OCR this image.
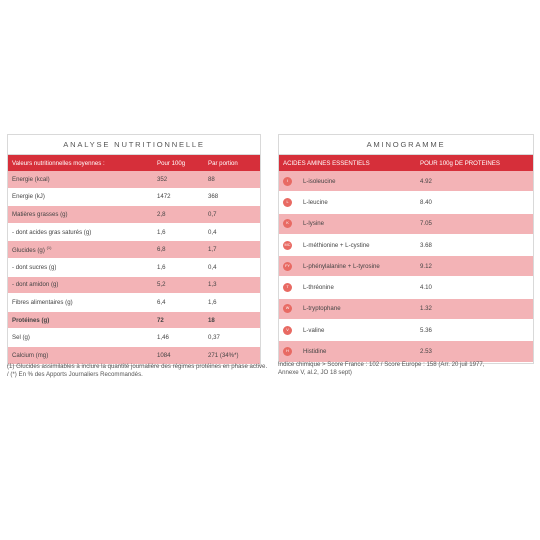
ANALYSE NUTRITIONNELLE
Valeurs nutritionnelles moyennes :	Pour 100g	Par portion
Energie (kcal)	352	88
Energie (kJ)	1472	368
Matières grasses (g)	2,8	0,7
- dont acides gras saturés (g)	1,6	0,4
Glucides (g) $^{(1)}$	6,8	1,7
- dont sucres (g)	1,6	0,4
- dont amidon (g)	5,2	1,3
Fibres alimentaires (g)	6,4	1,6
Protéines (g)	72	18
Sel (g)	1,46	0,37
Calcium (mg)	1084	271 (34%*)
(1) Glucides assimilables à inclure la quantité journalière des régimes protéines en phase active. / (*) En % des Apports Journaliers Recommandés.
AMINOGRAMME
ACIDES AMINES ESSENTIELS	POUR 100g DE PROTEINES
I	L-isoleucine	4.92
L	L-leucine	8.40
K	L-lysine	7.05
MC L-méthionine + L-cystine	3.68
FY	L-phénylalanine + L-tyrosine	9.12
T	L-thréonine	4.10
W	L-tryptophane	1.32
V	L-valine	5.36
H	Histidine	2.53
Indice chimique > Score France : 102 / Score Europe : 158 (Arr. 20 juil 1977, Annexe V, al.2, JO 18 sept)
